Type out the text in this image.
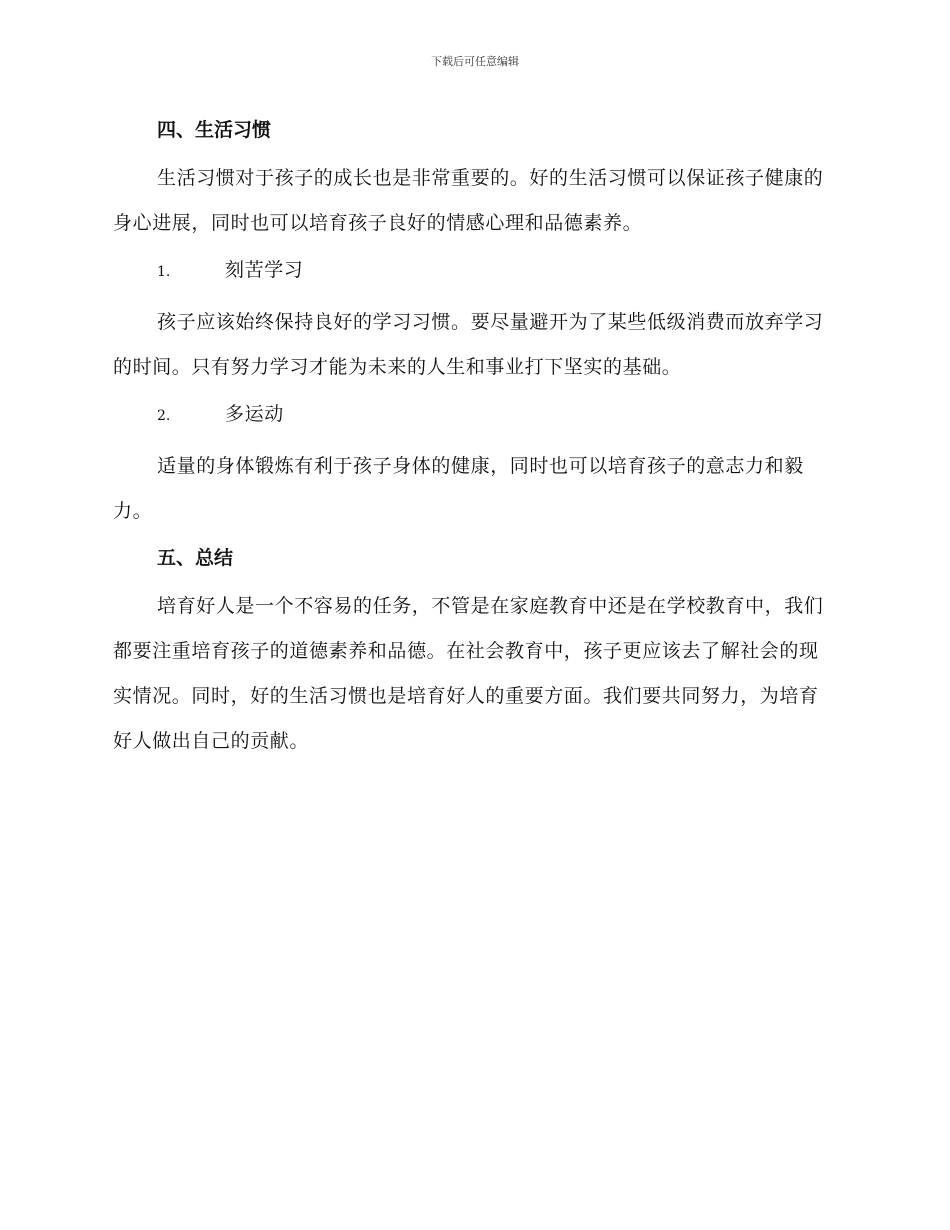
下载后可任意编辑
四、生活习惯

生活习惯对于孩子的成长也是非常重要的。好的生活习惯可以保证孩子健康的身心进展，同时也可以培育孩子良好的情感心理和品德素养。

1.	刻苦学习

孩子应该始终保持良好的学习习惯。要尽量避开为了某些低级消费而放弃学习的时间。只有努力学习才能为未来的人生和事业打下坚实的基础。

2.	多运动

适量的身体锻炼有利于孩子身体的健康，同时也可以培育孩子的意志力和毅力。

五、总结

培育好人是一个不容易的任务，不管是在家庭教育中还是在学校教育中，我们都要注重培育孩子的道德素养和品德。在社会教育中，孩子更应该去了解社会的现实情况。同时，好的生活习惯也是培育好人的重要方面。我们要共同努力，为培育好人做出自己的贡献。
